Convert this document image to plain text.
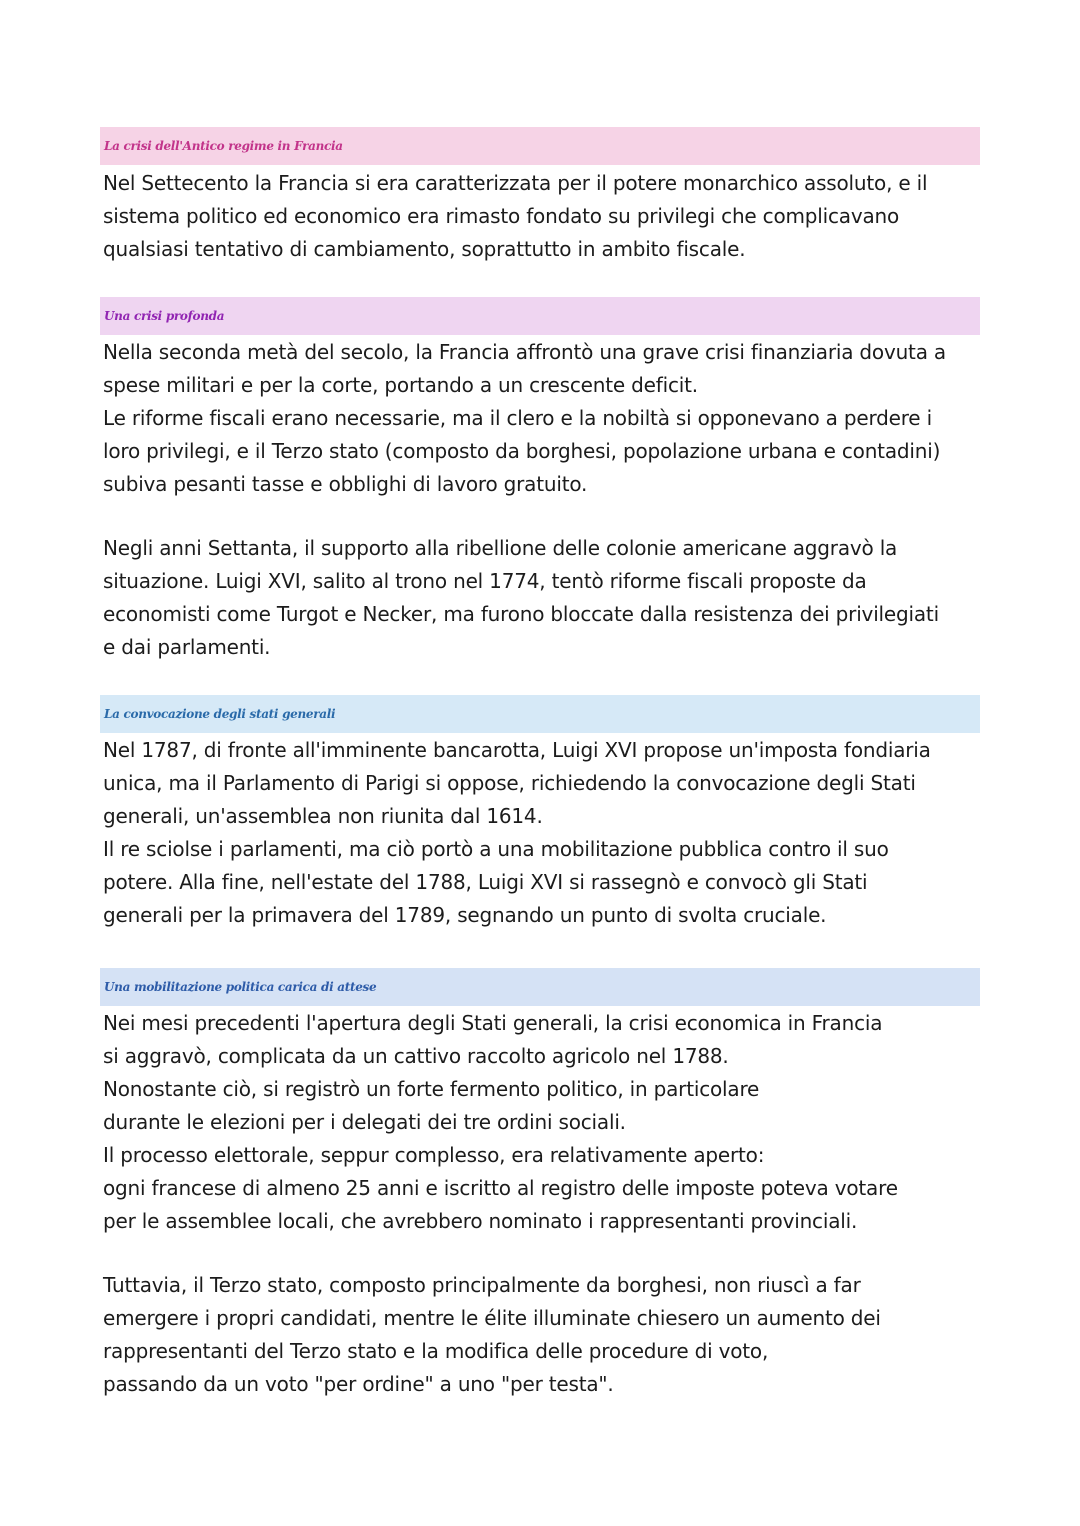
La crisi dell'Antico regime in Francia

Nel Settecento la Francia si era caratterizzata per il potere monarchico assoluto, e il
sistema politico ed economico era rimasto fondato su privilegi che complicavano
qualsiasi tentativo di cambiamento, soprattutto in ambito fiscale.

Una crisi profonda

Nella seconda metà del secolo, la Francia affrontò una grave crisi finanziaria dovuta a
spese militari e per la corte, portando a un crescente deficit.
Le riforme fiscali erano necessarie, ma il clero e la nobiltà si opponevano a perdere i
loro privilegi, e il Terzo stato (composto da borghesi, popolazione urbana e contadini)
subiva pesanti tasse e obblighi di lavoro gratuito.

Negli anni Settanta, il supporto alla ribellione delle colonie americane aggravò la
situazione. Luigi XVI, salito al trono nel 1774, tentò riforme fiscali proposte da
economisti come Turgot e Necker, ma furono bloccate dalla resistenza dei privilegiati
e dai parlamenti.

La convocazione degli stati generali

Nel 1787, di fronte all'imminente bancarotta, Luigi XVI propose un'imposta fondiaria
unica, ma il Parlamento di Parigi si oppose, richiedendo la convocazione degli Stati
generali, un'assemblea non riunita dal 1614.
Il re sciolse i parlamenti, ma ciò portò a una mobilitazione pubblica contro il suo
potere. Alla fine, nell'estate del 1788, Luigi XVI si rassegnò e convocò gli Stati
generali per la primavera del 1789, segnando un punto di svolta cruciale.

Una mobilitazione politica carica di attese

Nei mesi precedenti l'apertura degli Stati generali, la crisi economica in Francia
si aggravò, complicata da un cattivo raccolto agricolo nel 1788.
Nonostante ciò, si registrò un forte fermento politico, in particolare
durante le elezioni per i delegati dei tre ordini sociali.
Il processo elettorale, seppur complesso, era relativamente aperto:
ogni francese di almeno 25 anni e iscritto al registro delle imposte poteva votare
per le assemblee locali, che avrebbero nominato i rappresentanti provinciali.

Tuttavia, il Terzo stato, composto principalmente da borghesi, non riuscì a far
emergere i propri candidati, mentre le élite illuminate chiesero un aumento dei
rappresentanti del Terzo stato e la modifica delle procedure di voto,
passando da un voto "per ordine" a uno "per testa".
